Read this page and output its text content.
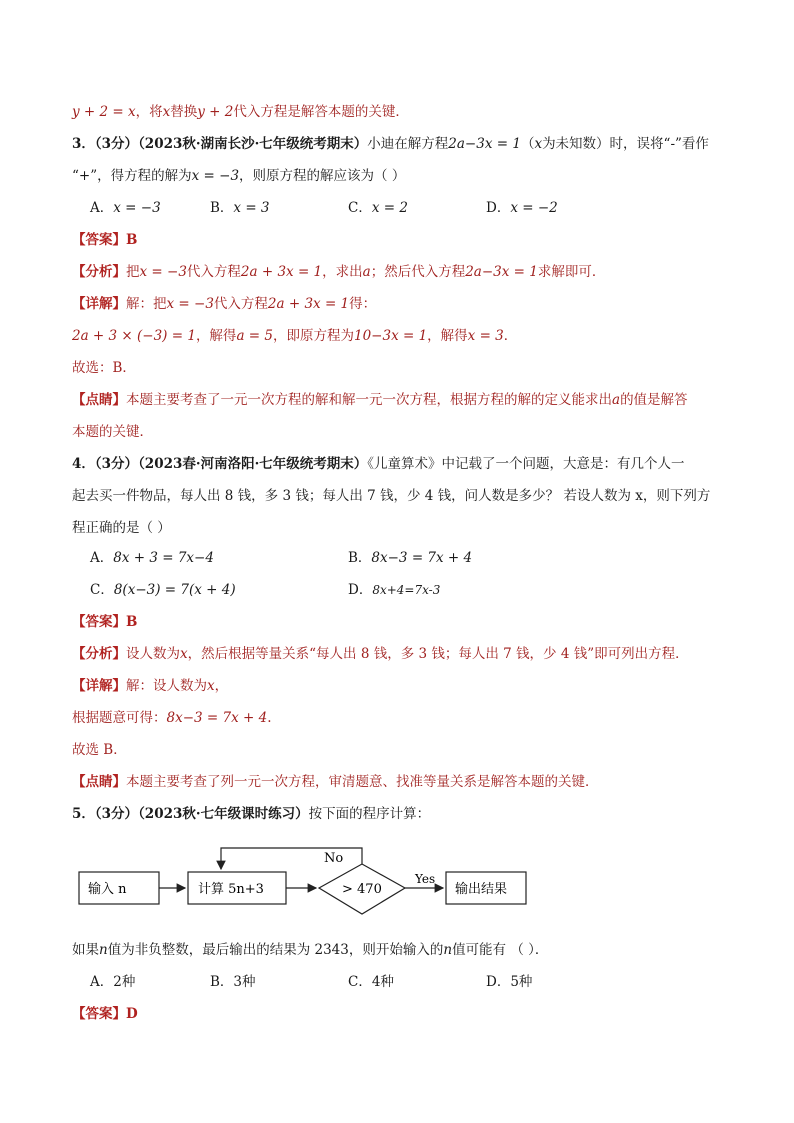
y + 2 = x，将x替换y + 2代入方程是解答本题的关键．
3．（3分）（2023秋·湖南长沙·七年级统考期末）小迪在解方程2a−3x = 1（x为未知数）时，误将“-”看作
“+”，得方程的解为x = −3，则原方程的解应该为（ ）
A．x = −3	B．x = 3	C．x = 2	D．x = −2
【答案】B
【分析】把x = −3代入方程2a + 3x = 1，求出a；然后代入方程2a−3x = 1求解即可．
【详解】解：把x = −3代入方程2a + 3x = 1得：
2a + 3 × (−3) = 1，解得a = 5，即原方程为10−3x = 1，解得x = 3．
故选：B．
【点睛】本题主要考查了一元一次方程的解和解一元一次方程，根据方程的解的定义能求出a的值是解答
本题的关键．
4．（3分）（2023春·河南洛阳·七年级统考期末）《儿童算术》中记载了一个问题，大意是：有几个人一
起去买一件物品，每人出 8 钱，多 3 钱；每人出 7 钱，少 4 钱，问人数是多少？ 若设人数为 x，则下列方
程正确的是（ ）
A．8x + 3 = 7x−4	B．8x−3 = 7x + 4
C．8(x−3) = 7(x + 4)	D．8x+4=7x-3
【答案】B
【分析】设人数为x，然后根据等量关系“每人出 8 钱，多 3 钱；每人出 7 钱，少 4 钱”即可列出方程．
【详解】解：设人数为x，
根据题意可得：8x−3 = 7x + 4.
故选 B．
【点睛】本题主要考查了列一元一次方程，审清题意、找准等量关系是解答本题的关键．
5．（3分）（2023秋·七年级课时练习）按下面的程序计算：
输入 n	计算 5n+3	> 470
No
Yes
输出结果
如果n值为非负整数，最后输出的结果为 2343，则开始输入的n值可能有 （ ）．
A．2种	B．3种	C．4种	D．5种
【答案】D
